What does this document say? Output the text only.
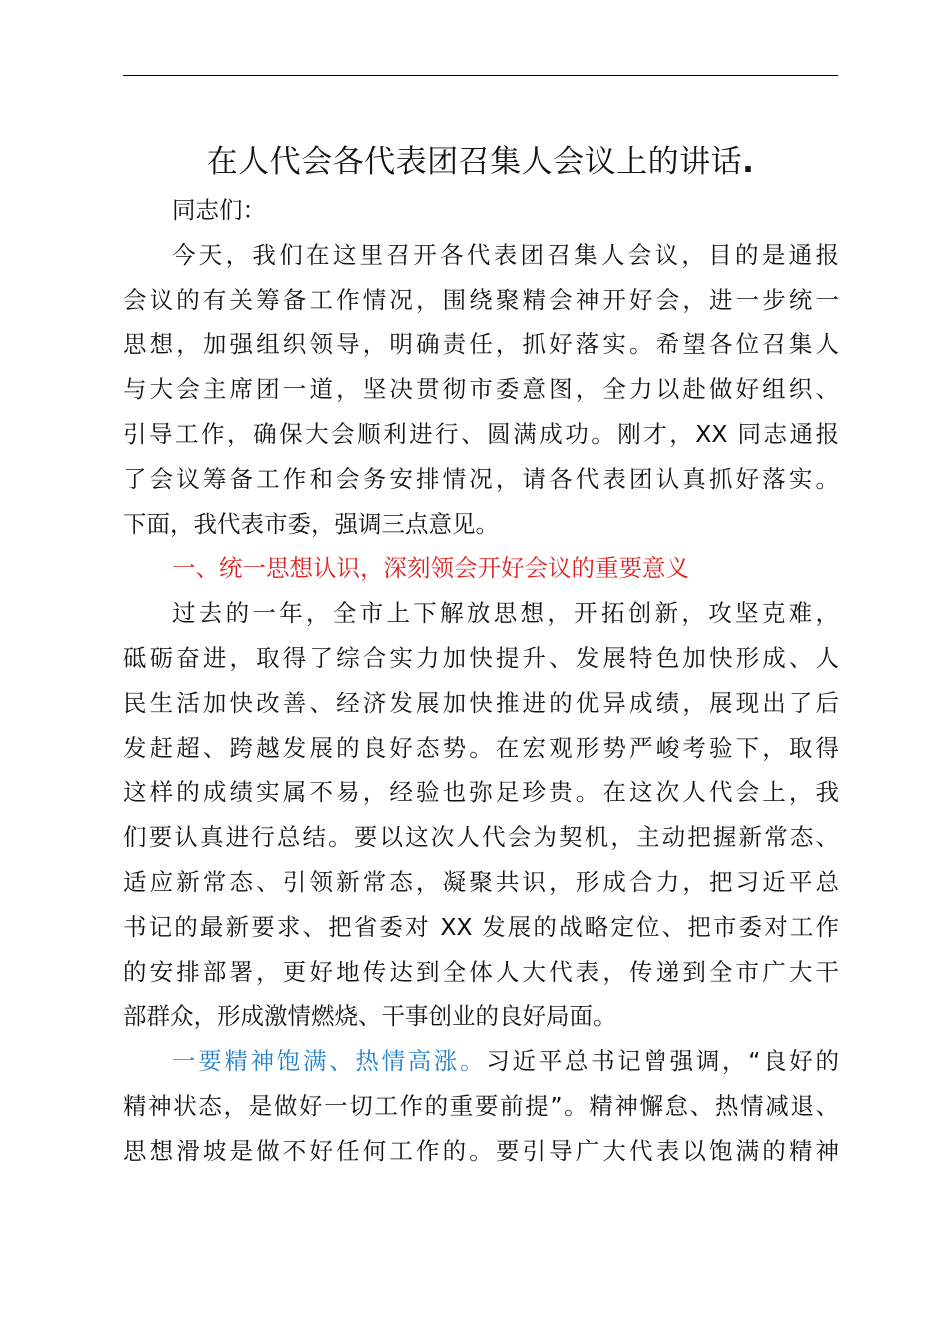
在人代会各代表团召集人会议上的讲话.
同志们：
今天，我们在这里召开各代表团召集人会议，目的是通报
会议的有关筹备工作情况，围绕聚精会神开好会，进一步统一
思想，加强组织领导，明确责任，抓好落实。希望各位召集人
与大会主席团一道，坚决贯彻市委意图，全力以赴做好组织、
引导工作，确保大会顺利进行、圆满成功。刚才，XX 同志通报
了会议筹备工作和会务安排情况，请各代表团认真抓好落实。
下面，我代表市委，强调三点意见。
一、统一思想认识，深刻领会开好会议的重要意义
过去的一年，全市上下解放思想，开拓创新，攻坚克难，
砥砺奋进，取得了综合实力加快提升、发展特色加快形成、人
民生活加快改善、经济发展加快推进的优异成绩，展现出了后
发赶超、跨越发展的良好态势。在宏观形势严峻考验下，取得
这样的成绩实属不易，经验也弥足珍贵。在这次人代会上，我
们要认真进行总结。要以这次人代会为契机，主动把握新常态、
适应新常态、引领新常态，凝聚共识，形成合力，把习近平总
书记的最新要求、把省委对 XX 发展的战略定位、把市委对工作
的安排部署，更好地传达到全体人大代表，传递到全市广大干
部群众，形成激情燃烧、干事创业的良好局面。
一要精神饱满、热情高涨。习近平总书记曾强调，“良好的
精神状态，是做好一切工作的重要前提”。精神懈怠、热情减退、
思想滑坡是做不好任何工作的。要引导广大代表以饱满的精神
